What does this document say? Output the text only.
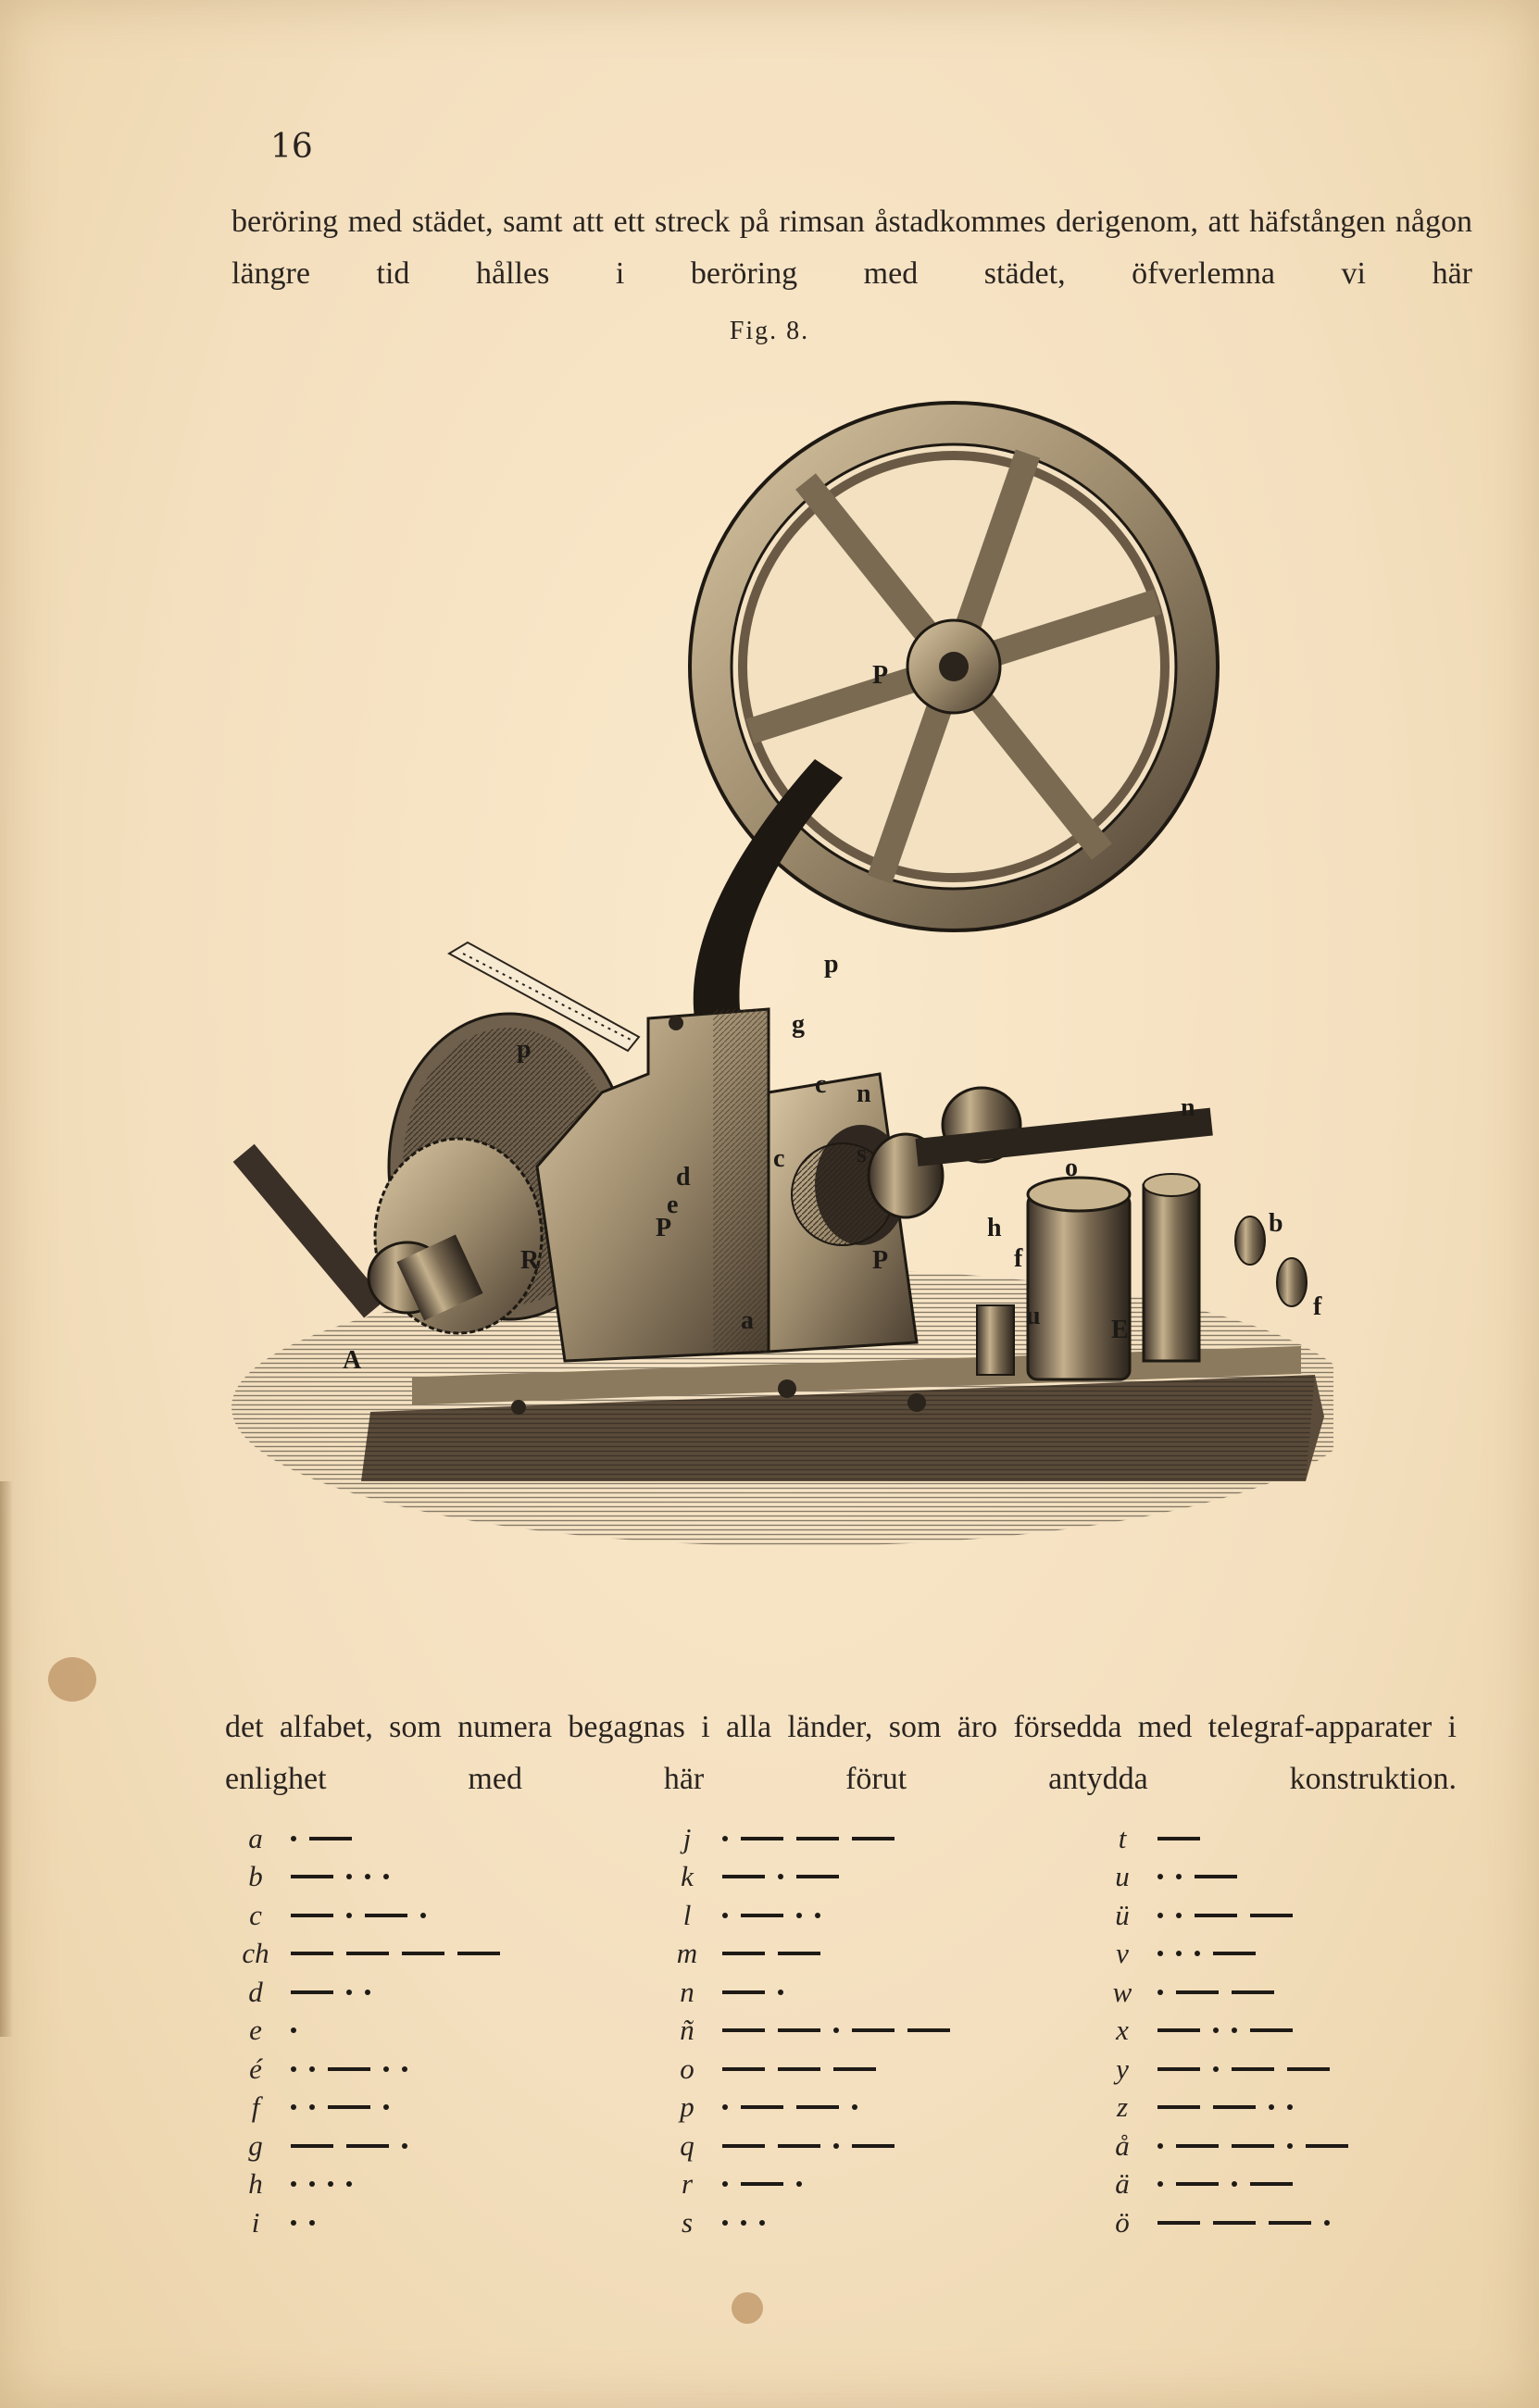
16
beröring med städet, samt att ett streck på rimsan åstadkommes derigenom, att häfstången någon längre tid hålles i beröring med städet, öfverlemna vi här
Fig. 8.
P
p
p
g
c n	n
s	o
b
h
f
f
E
u
P
P
R
a
A
e
c
d
det alfabet, som numera begagnas i alla länder, som äro försedda med telegraf-apparater i enlighet med här förut antydda konstruktion.
a
b
c
ch
d
e
é
f
g
h
i
j
k
l
m
n
ñ
o
p
q
r
s
t
u
ü
v
w
x
y
z
å
ä
ö
